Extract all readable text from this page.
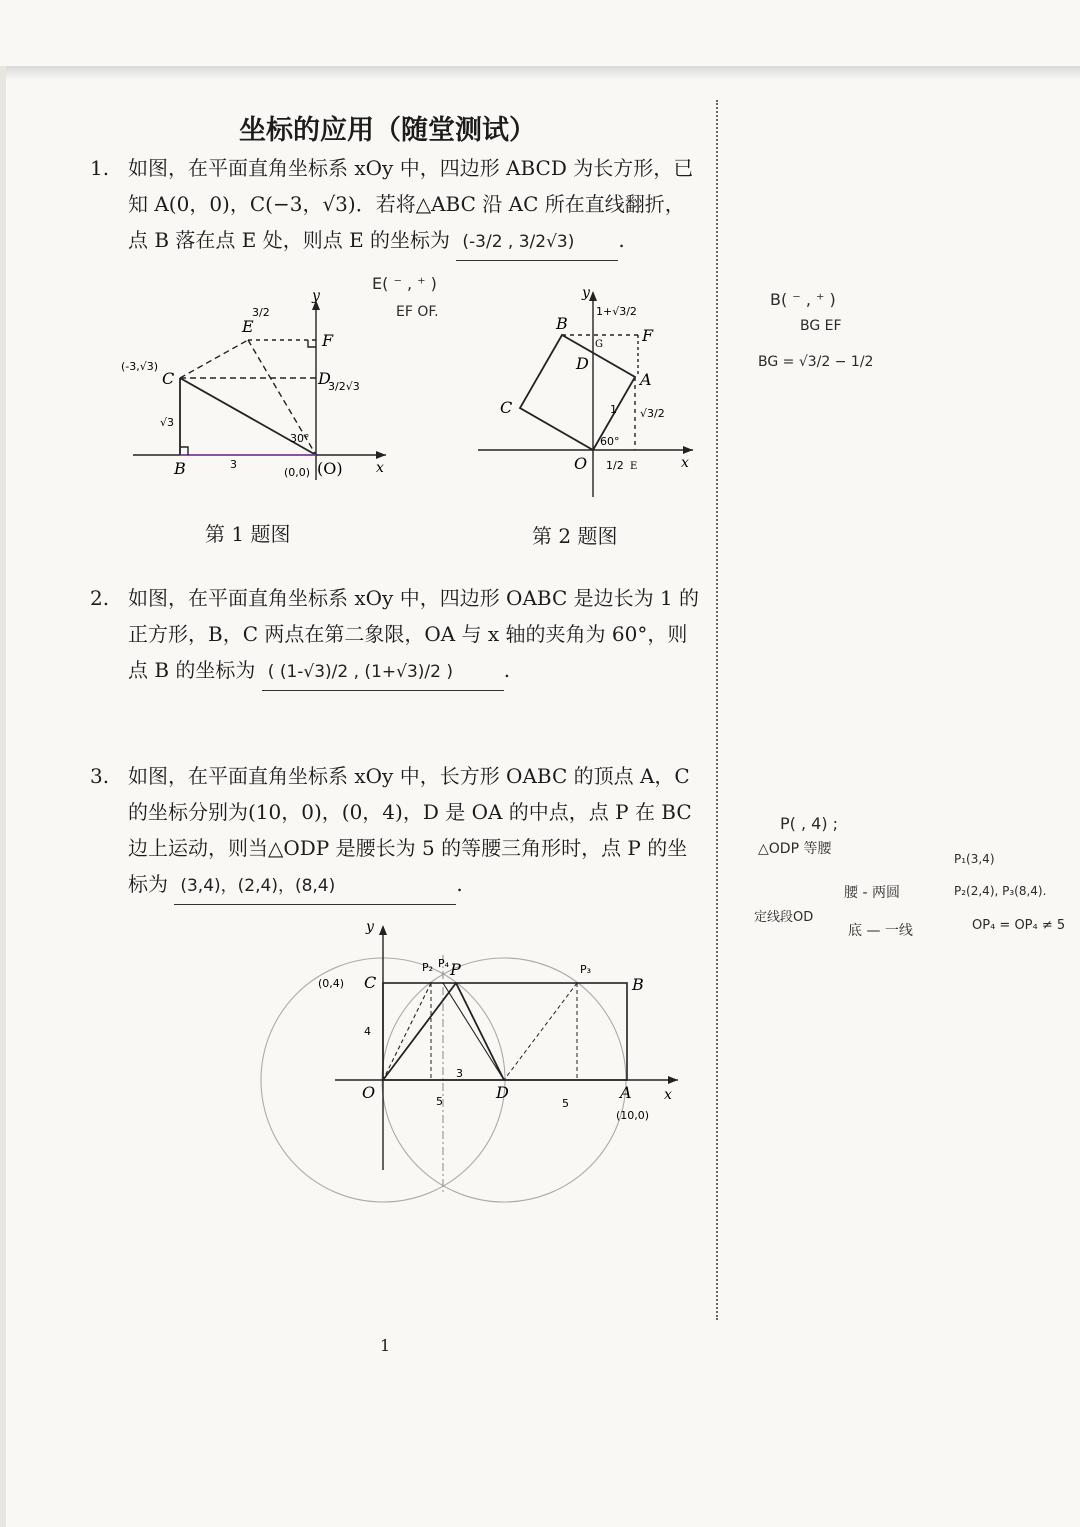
坐标的应用（随堂测试）
1. 如图，在平面直角坐标系 xOy 中，四边形 ABCD 为长方形，已知 A(0，0)，C(−3，√3)．若将△ABC 沿 AC 所在直线翻折，点 B 落在点 E 处，则点 E 的坐标为 (-3/2 , 3/2√3) .
y
x
E
F
C	D
B	(O)
(-3,√3)
(0,0)
3
√3
3/2
3/2√3
30°
y
x
B
G F
D
A
C
O	E
60°
1
1/2
√3/2
1+√3/2
第 1 题图	第 2 题图
2. 如图，在平面直角坐标系 xOy 中，四边形 OABC 是边长为 1 的正方形，B，C 两点在第二象限，OA 与 x 轴的夹角为 60°，则点 B 的坐标为 ( (1-√3)/2 , (1+√3)/2 )	.
3. 如图，在平面直角坐标系 xOy 中，长方形 OABC 的顶点 A，C 的坐标分别为(10，0)，(0，4)，D 是 OA 的中点，点 P 在 BC 边上运动，则当△ODP 是腰长为 5 的等腰三角形时，点 P 的坐标为 (3,4)，(2,4)，(8,4)	.
y
x
C	B
O	D	A
P
P₂ P₄	P₃
(0,4)
(10,0)
4
3
5	5
E( ⁻ , ⁺ )
EF OF.
B( ⁻ , ⁺ )
BG EF
BG = √3/2 − 1/2
P( , 4) ;
△ODP 等腰
P₁(3,4)
定线段OD
腰 - 两圆	P₂(2,4), P₃(8,4).
底 — 一线	OP₄ = OP₄ ≠ 5
1
